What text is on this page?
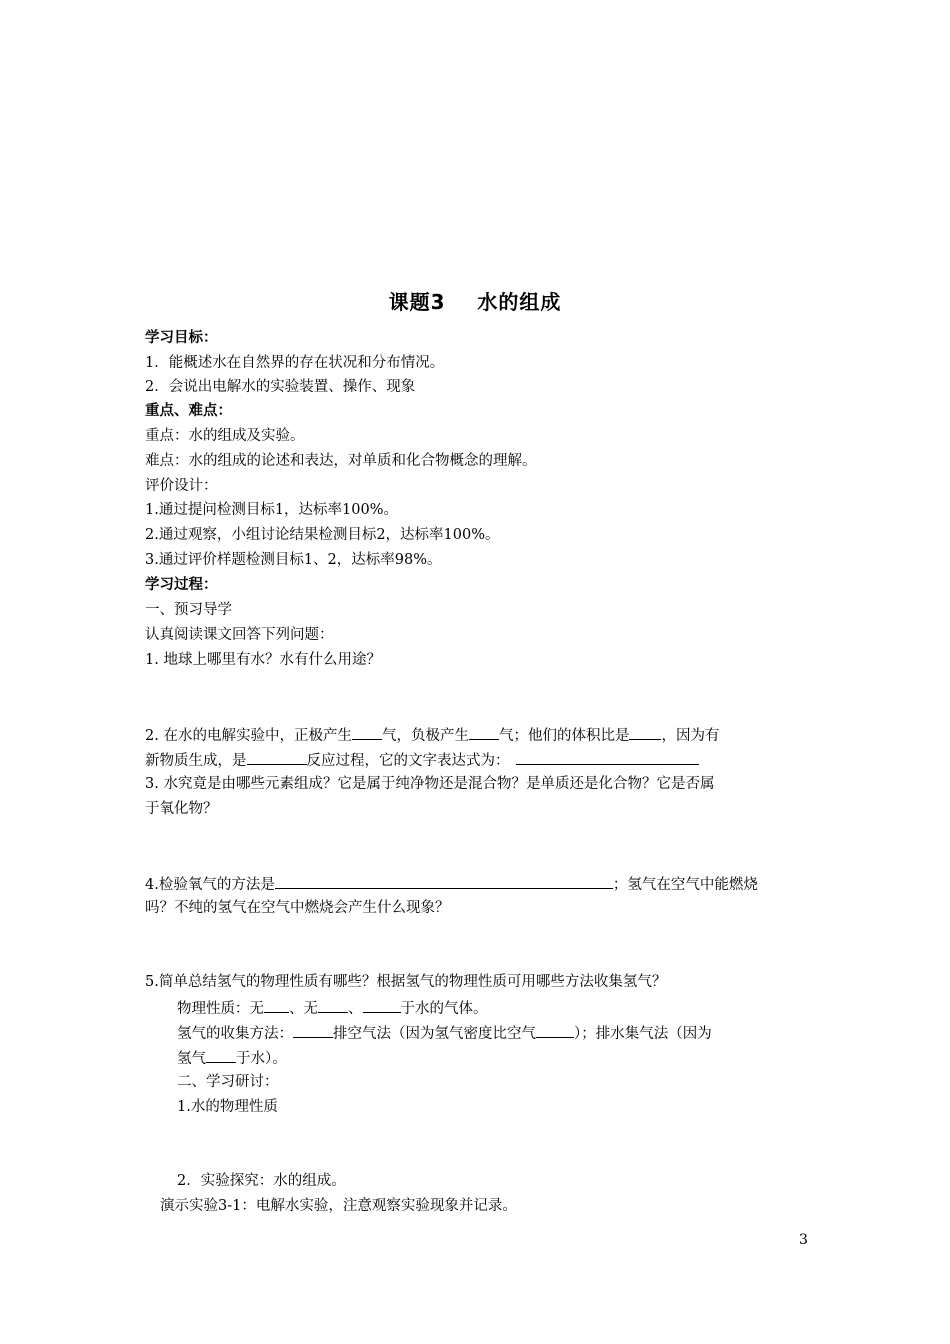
课题3    水的组成
学习目标：
1．能概述水在自然界的存在状况和分布情况。
2．会说出电解水的实验装置、操作、现象
重点、难点：
重点：水的组成及实验。
难点：水的组成的论述和表达，对单质和化合物概念的理解。
评价设计：
1.通过提问检测目标1，达标率100%。
2.通过观察，小组讨论结果检测目标2，达标率100%。
3.通过评价样题检测目标1、2，达标率98%。
学习过程：
一、预习导学
认真阅读课文回答下列问题：
1. 地球上哪里有水？水有什么用途？
2. 在水的电解实验中，正极产生 气，负极产生 气；他们的体积比是 ，因为有
新物质生成，是	反应过程，它的文字表达式为：
3. 水究竟是由哪些元素组成？它是属于纯净物还是混合物？是单质还是化合物？它是否属
于氧化物？
4.检验氧气的方法是	；氢气在空气中能燃烧
吗？不纯的氢气在空气中燃烧会产生什么现象？
5.简单总结氢气的物理性质有哪些？根据氢气的物理性质可用哪些方法收集氢气？
物理性质：无 、无 、	于水的气体。
氢气的收集方法：	排空气法（因为氢气密度比空气	）；排水集气法（因为
氢气 于水）。
二、学习研讨：
1.水的物理性质
2．实验探究：水的组成。
演示实验3-1：电解水实验，注意观察实验现象并记录。
3
